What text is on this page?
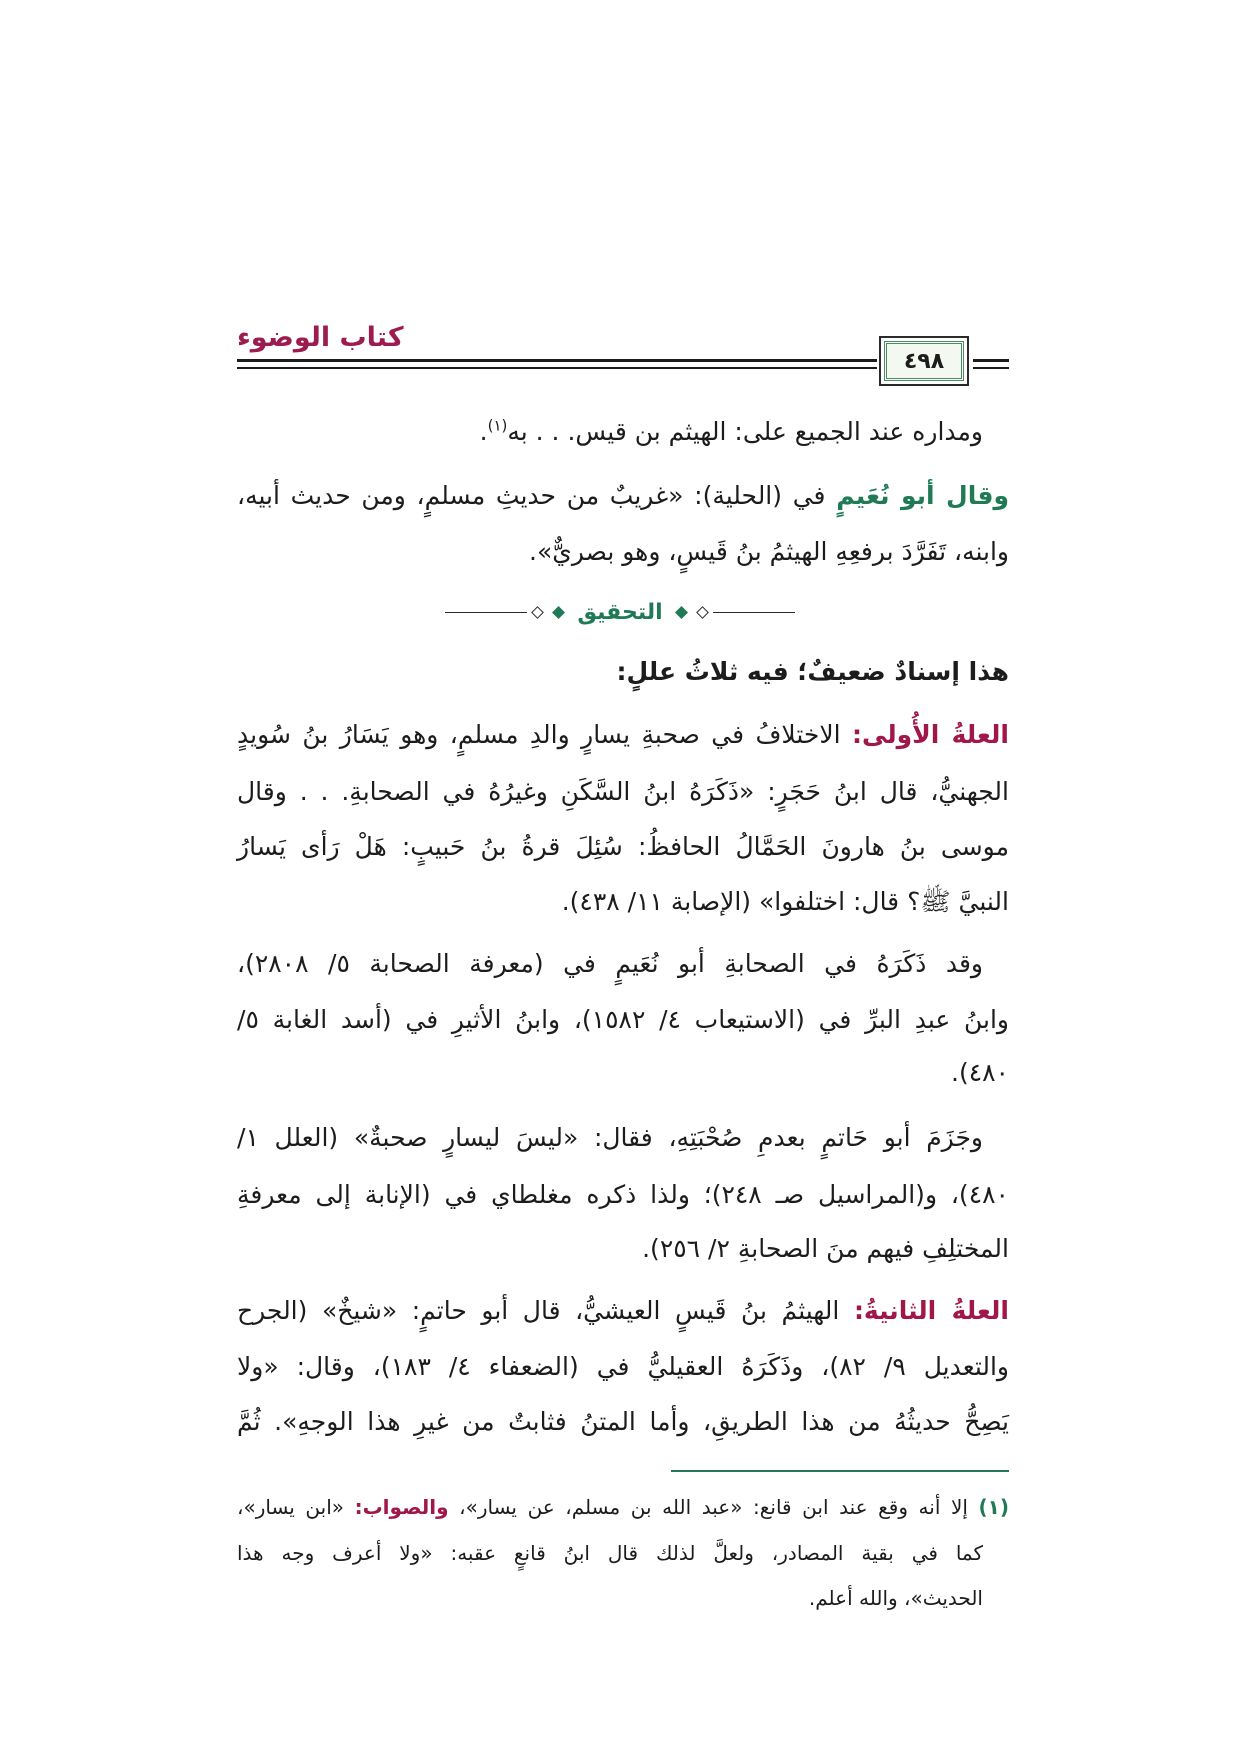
كتاب الوضوء
٤٩٨
ومداره عند الجميع على: الهيثم بن قيس. . . به$^{(١)}$.
وقال أبو نُعَيمٍ في (الحلية): «غريبٌ من حديثِ مسلمٍ، ومن حديث أبيه،
وابنه، تَفَرَّدَ برفعِهِ الهيثمُ بنُ قَيسٍ، وهو بصريٌّ».
التحقيق
هذا إسنادٌ ضعيفٌ؛ فيه ثلاثُ عللٍ:
العلةُ الأُولى: الاختلافُ في صحبةِ يسارٍ والدِ مسلمٍ، وهو يَسَارُ بنُ سُويدٍ
الجهنيُّ، قال ابنُ حَجَرٍ: «ذَكَرَهُ ابنُ السَّكَنِ وغيرُهُ في الصحابةِ. . . وقال
موسى بنُ هارونَ الحَمَّالُ الحافظُ: سُئِلَ قرةُ بنُ حَبيبٍ: هَلْ رَأى يَسارُ
النبيَّ ﷺ؟ قال: اختلفوا» (الإصابة ١١/ ٤٣٨).
وقد ذَكَرَهُ في الصحابةِ أبو نُعَيمٍ في (معرفة الصحابة ٥/ ٢٨٠٨)،
وابنُ عبدِ البرِّ في (الاستيعاب ٤/ ١٥٨٢)، وابنُ الأثيرِ في (أسد الغابة ٥/
٤٨٠).
وجَزَمَ أبو حَاتمٍ بعدمِ صُحْبَتِهِ، فقال: «ليسَ ليسارٍ صحبةٌ» (العلل ١/
٤٨٠)، و(المراسيل صـ ٢٤٨)؛ ولذا ذكره مغلطاي في (الإنابة إلى معرفةِ
المختلِفِ فيهم منَ الصحابةِ ٢/ ٢٥٦).
العلةُ الثانيةُ: الهيثمُ بنُ قَيسٍ العيشيُّ، قال أبو حاتمٍ: «شيخٌ» (الجرح
والتعديل ٩/ ٨٢)، وذَكَرَهُ العقيليُّ في (الضعفاء ٤/ ١٨٣)، وقال: «ولا
يَصِحُّ حديثُهُ من هذا الطريقِ، وأما المتنُ فثابتٌ من غيرِ هذا الوجهِ». ثُمَّ
(١) إلا أنه وقع عند ابن قانع: «عبد الله بن مسلم، عن يسار»، والصواب: «ابن يسار»،
كما في بقية المصادر، ولعلَّ لذلك قال ابنُ قانعٍ عقبه: «ولا أعرف وجه هذا
الحديث»، والله أعلم.
